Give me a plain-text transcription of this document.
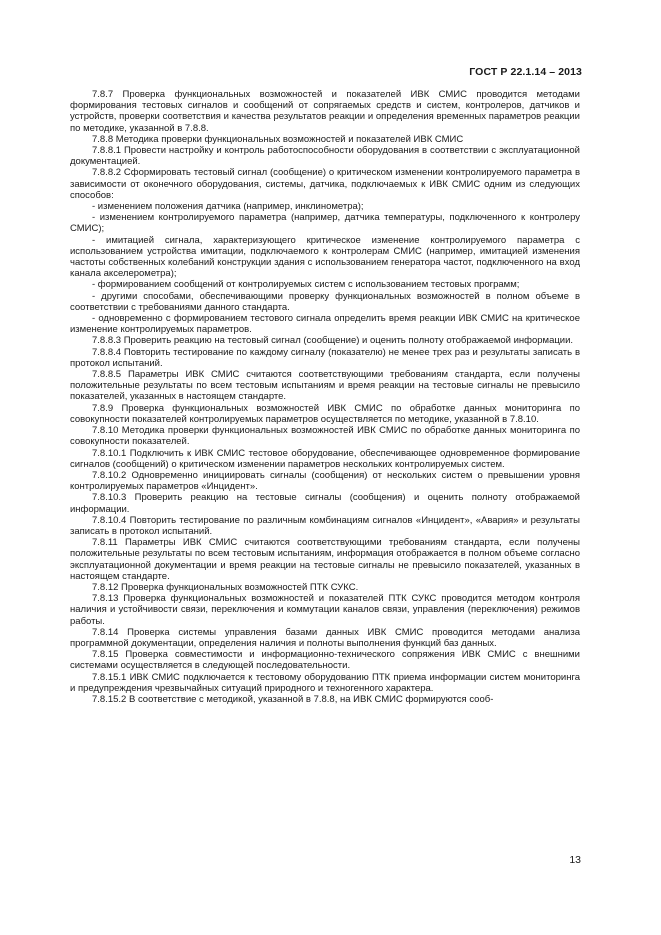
ГОСТ Р 22.1.14 – 2013

7.8.7 Проверка функциональных возможностей и показателей ИВК СМИС проводится методами формирования тестовых сигналов и сообщений от сопрягаемых средств и систем, контролеров, датчиков и устройств, проверки соответствия и качества результатов реакции и определения временных параметров реакции по методике, указанной в 7.8.8.

7.8.8 Методика проверки функциональных возможностей и показателей ИВК СМИС

7.8.8.1 Провести настройку и контроль работоспособности оборудования в соответствии с эксплуатационной документацией.

7.8.8.2 Сформировать тестовый сигнал (сообщение) о критическом изменении контролируемого параметра в зависимости от оконечного оборудования, системы, датчика, подключаемых к ИВК СМИС одним из следующих способов:

- изменением положения датчика (например, инклинометра);

- изменением контролируемого параметра (например, датчика температуры, подключенного к контролеру СМИС);

- имитацией сигнала, характеризующего критическое изменение контролируемого параметра с использованием устройства имитации, подключаемого к контролерам СМИС (например, имитацией изменения частоты собственных колебаний конструкции здания с использованием генератора частот, подключенного на вход канала акселерометра);

- формированием сообщений от контролируемых систем с использованием тестовых программ;

- другими способами, обеспечивающими проверку функциональных возможностей в полном объеме в соответствии с требованиями данного стандарта.

- одновременно с формированием тестового сигнала определить время реакции ИВК СМИС на критическое изменение контролируемых параметров.

7.8.8.3 Проверить реакцию на тестовый сигнал (сообщение) и оценить полноту отображаемой информации.

7.8.8.4 Повторить тестирование по каждому сигналу (показателю) не менее трех раз и результаты записать в протокол испытаний.

7.8.8.5 Параметры ИВК СМИС считаются соответствующими требованиям стандарта, если получены положительные результаты по всем тестовым испытаниям и время реакции на тестовые сигналы не превысило показателей, указанных в настоящем стандарте.

7.8.9 Проверка функциональных возможностей ИВК СМИС по обработке данных мониторинга по совокупности показателей контролируемых параметров осуществляется по методике, указанной в 7.8.10.

7.8.10 Методика проверки функциональных возможностей ИВК СМИС по обработке данных мониторинга по совокупности показателей.

7.8.10.1 Подключить к ИВК СМИС тестовое оборудование, обеспечивающее одновременное формирование сигналов (сообщений) о критическом изменении параметров нескольких контролируемых систем.

7.8.10.2 Одновременно инициировать сигналы (сообщения) от нескольких систем о превышении уровня контролируемых параметров «Инцидент».

7.8.10.3 Проверить реакцию на тестовые сигналы (сообщения) и оценить полноту отображаемой информации.

7.8.10.4 Повторить тестирование по различным комбинациям сигналов «Инцидент», «Авария» и результаты записать в протокол испытаний.

7.8.11 Параметры ИВК СМИС считаются соответствующими требованиям стандарта, если получены положительные результаты по всем тестовым испытаниям, информация отображается в полном объеме согласно эксплуатационной документации и время реакции на тестовые сигналы не превысило показателей, указанных в настоящем стандарте.

7.8.12 Проверка функциональных возможностей ПТК СУКС.

7.8.13 Проверка функциональных возможностей и показателей ПТК СУКС проводится методом контроля наличия и устойчивости связи, переключения и коммутации каналов связи, управления (переключения) режимов работы.

7.8.14 Проверка системы управления базами данных ИВК СМИС проводится методами анализа программной документации, определения наличия и полноты выполнения функций баз данных.

7.8.15 Проверка совместимости и информационно-технического сопряжения ИВК СМИС с внешними системами осуществляется в следующей последовательности.

7.8.15.1 ИВК СМИС подключается к тестовому оборудованию ПТК приема информации систем мониторинга и предупреждения чрезвычайных ситуаций природного и техногенного характера.

7.8.15.2 В соответствие с методикой, указанной в 7.8.8, на ИВК СМИС формируются сооб-

13
